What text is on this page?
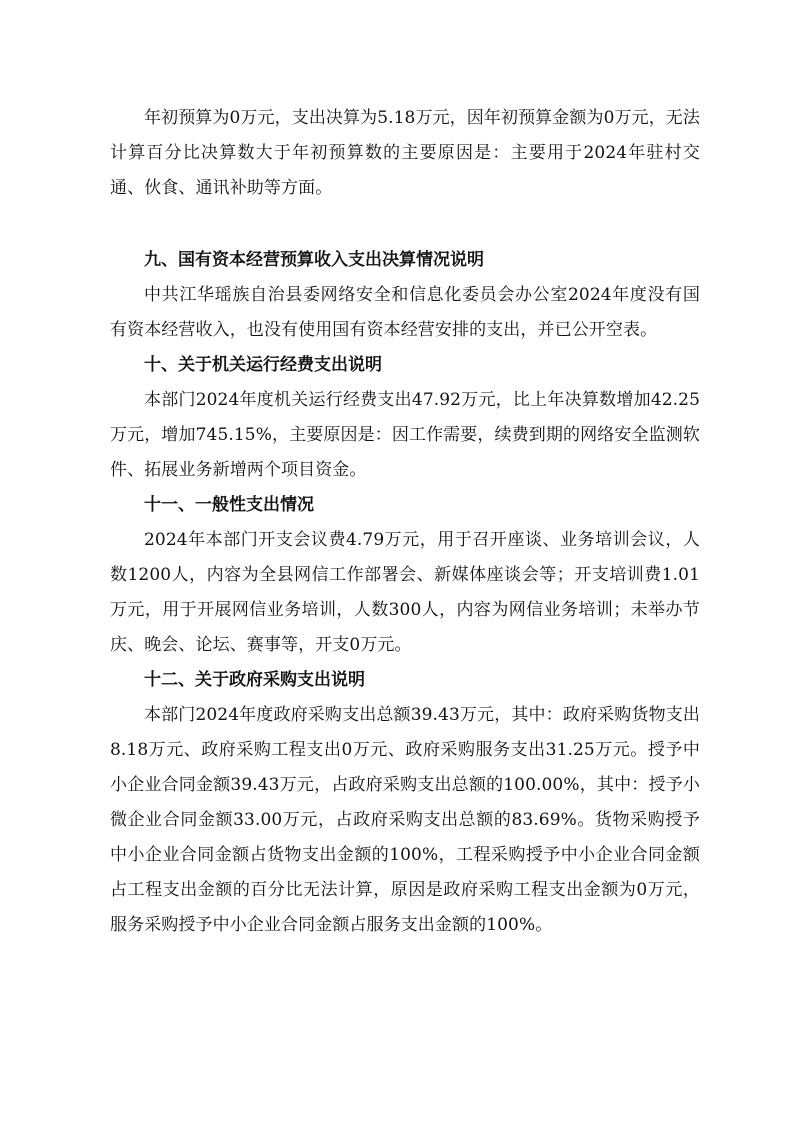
年初预算为0万元，支出决算为5.18万元，因年初预算金额为0万元，无法计算百分比决算数大于年初预算数的主要原因是：主要用于2024年驻村交通、伙食、通讯补助等方面。

九、国有资本经营预算收入支出决算情况说明

中共江华瑶族自治县委网络安全和信息化委员会办公室2024年度没有国有资本经营收入，也没有使用国有资本经营安排的支出，并已公开空表。

十、关于机关运行经费支出说明

本部门2024年度机关运行经费支出47.92万元，比上年决算数增加42.25万元，增加745.15%，主要原因是：因工作需要，续费到期的网络安全监测软件、拓展业务新增两个项目资金。

十一、一般性支出情况

2024年本部门开支会议费4.79万元，用于召开座谈、业务培训会议，人数1200人，内容为全县网信工作部署会、新媒体座谈会等；开支培训费1.01万元，用于开展网信业务培训，人数300人，内容为网信业务培训；未举办节庆、晚会、论坛、赛事等，开支0万元。

十二、关于政府采购支出说明

本部门2024年度政府采购支出总额39.43万元，其中：政府采购货物支出8.18万元、政府采购工程支出0万元、政府采购服务支出31.25万元。授予中小企业合同金额39.43万元，占政府采购支出总额的100.00%，其中：授予小微企业合同金额33.00万元，占政府采购支出总额的83.69%。货物采购授予中小企业合同金额占货物支出金额的100%，工程采购授予中小企业合同金额占工程支出金额的百分比无法计算，原因是政府采购工程支出金额为0万元，服务采购授予中小企业合同金额占服务支出金额的100%。
